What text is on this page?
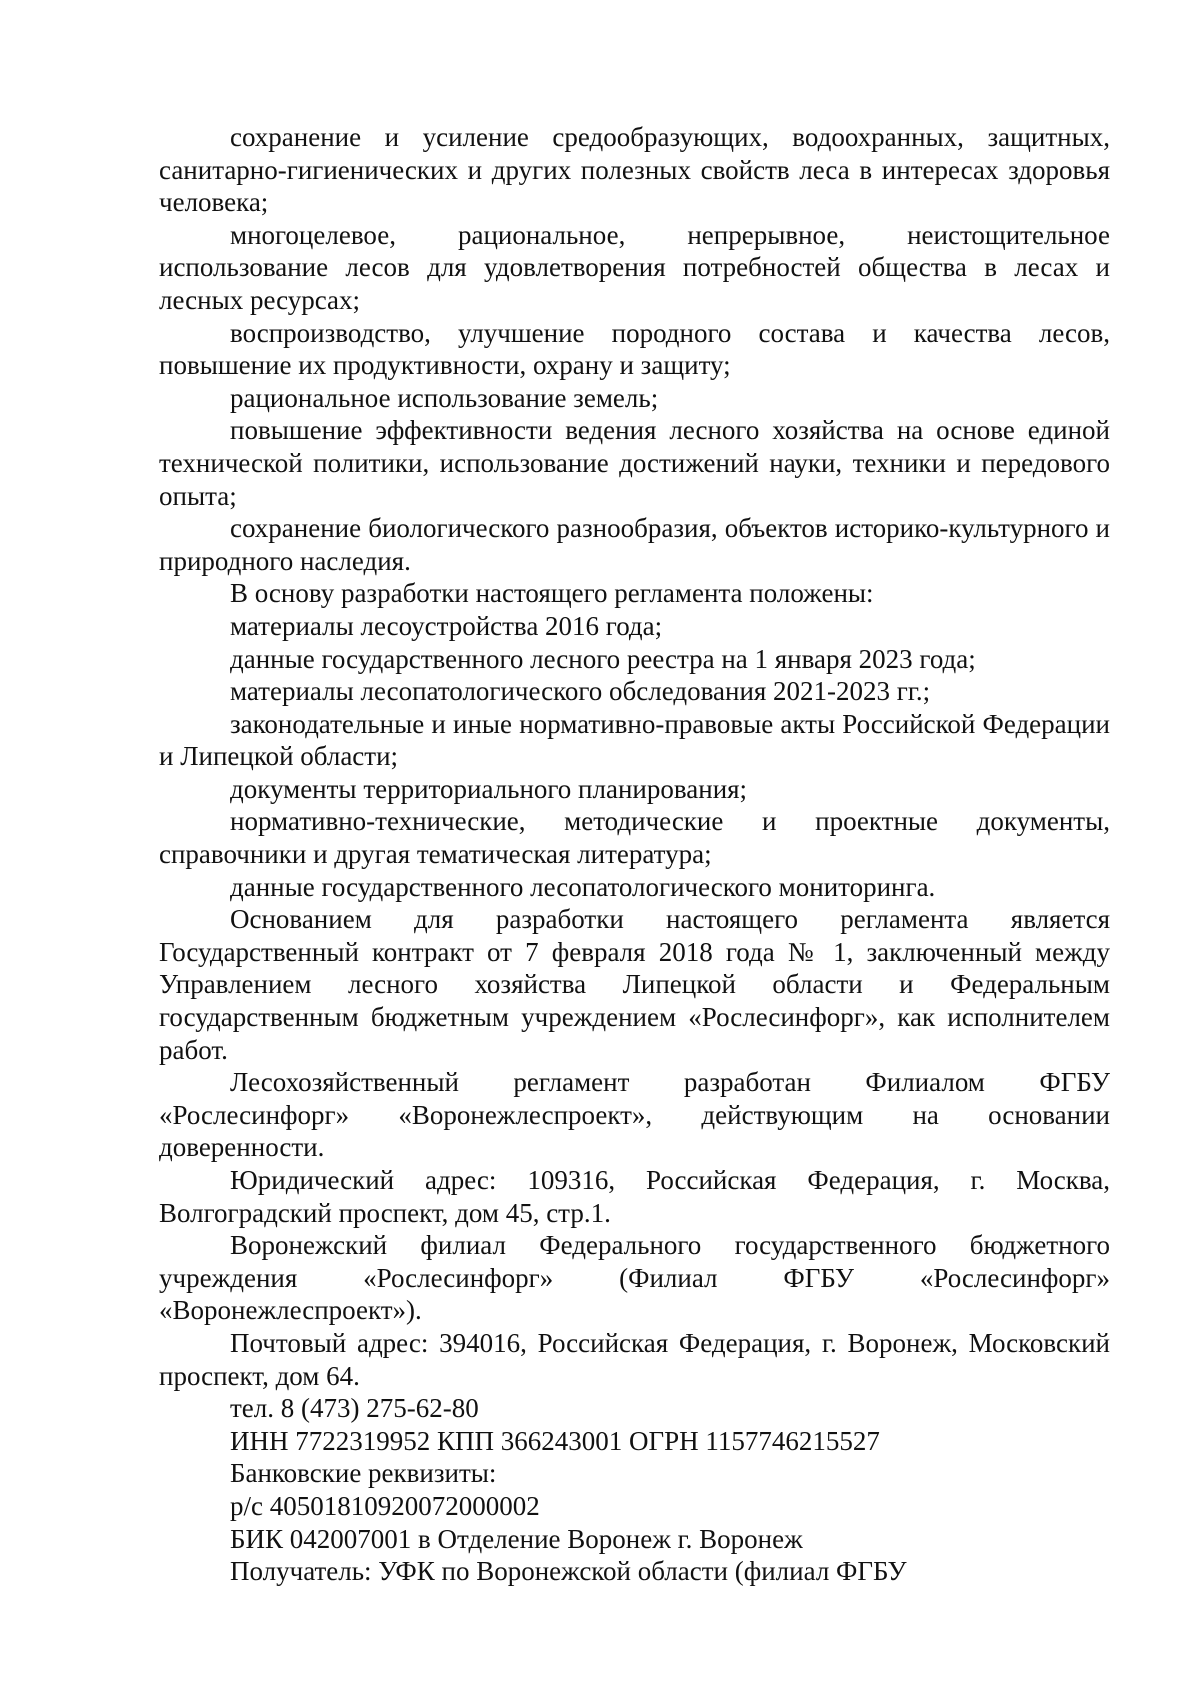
сохранение и усиление средообразующих, водоохранных, защитных, санитарно-гигиенических и других полезных свойств леса в интересах здоровья человека;

многоцелевое, рациональное, непрерывное, неистощительное использование лесов для удовлетворения потребностей общества в лесах и лесных ресурсах;

воспроизводство, улучшение породного состава и качества лесов, повышение их продуктивности, охрану и защиту;

рациональное использование земель;

повышение эффективности ведения лесного хозяйства на основе единой технической политики, использование достижений науки, техники и передового опыта;

сохранение биологического разнообразия, объектов историко-культурного и природного наследия.

В основу разработки настоящего регламента положены:

материалы лесоустройства 2016 года;

данные государственного лесного реестра на 1 января 2023 года;

материалы лесопатологического обследования 2021-2023 гг.;

законодательные и иные нормативно-правовые акты Российской Федерации и Липецкой области;

документы территориального планирования;

нормативно-технические, методические и проектные документы, справочники и другая тематическая литература;

данные государственного лесопатологического мониторинга.

Основанием для разработки настоящего регламента является Государственный контракт от 7 февраля 2018 года № 1, заключенный между Управлением лесного хозяйства Липецкой области и Федеральным государственным бюджетным учреждением «Рослесинфорг», как исполнителем работ.

Лесохозяйственный регламент разработан Филиалом ФГБУ «Рослесинфорг» «Воронежлеспроект», действующим на основании доверенности.

Юридический адрес: 109316, Российская Федерация, г. Москва, Волгоградский проспект, дом 45, стр.1.

Воронежский филиал Федерального государственного бюджетного учреждения «Рослесинфорг» (Филиал ФГБУ «Рослесинфорг» «Воронежлеспроект»).

Почтовый адрес: 394016, Российская Федерация, г. Воронеж, Московский проспект, дом 64.

тел. 8 (473) 275-62-80

ИНН 7722319952 КПП 366243001 ОГРН 1157746215527

Банковские реквизиты:

р/с 40501810920072000002

БИК 042007001 в Отделение Воронеж г. Воронеж

Получатель: УФК по Воронежской области (филиал ФГБУ
